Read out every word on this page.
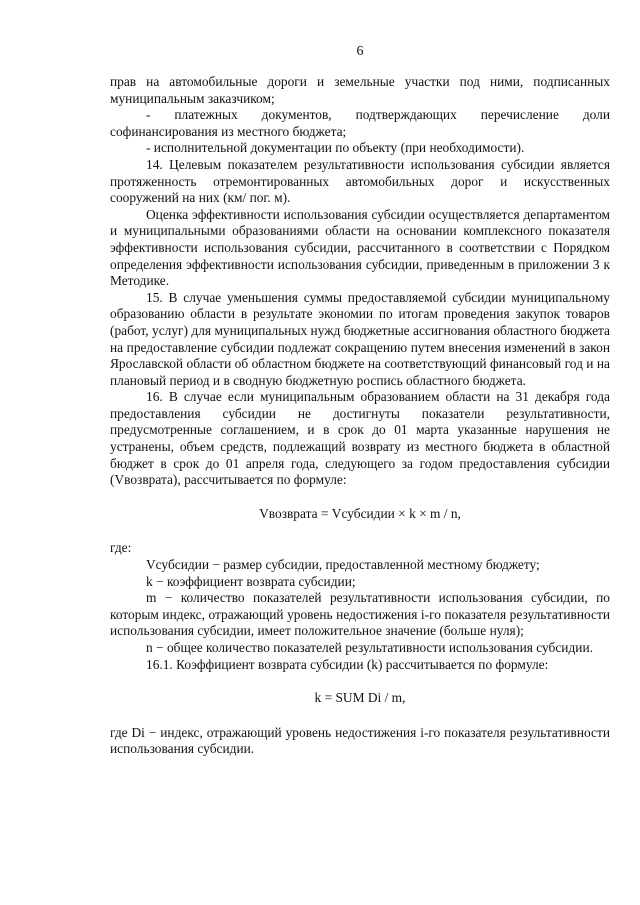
6

прав на автомобильные дороги и земельные участки под ними, подписанных муниципальным заказчиком;

- платежных документов, подтверждающих перечисление доли софинансирования из местного бюджета;

- исполнительной документации по объекту (при необходимости).

14. Целевым показателем результативности использования субсидии является протяженность отремонтированных автомобильных дорог и искусственных сооружений на них (км/ пог. м).

Оценка эффективности использования субсидии осуществляется департаментом и муниципальными образованиями области на основании комплексного показателя эффективности использования субсидии, рассчитанного в соответствии с Порядком определения эффективности использования субсидии, приведенным в приложении 3 к Методике.

15. В случае уменьшения суммы предоставляемой субсидии муниципальному образованию области в результате экономии по итогам проведения закупок товаров (работ, услуг) для муниципальных нужд бюджетные ассигнования областного бюджета на предоставление субсидии подлежат сокращению путем внесения изменений в закон Ярославской области об областном бюджете на соответствующий финансовый год и на плановый период и в сводную бюджетную роспись областного бюджета.

16. В случае если муниципальным образованием области на 31 декабря года предоставления субсидии не достигнуты показатели результативности, предусмотренные соглашением, и в срок до 01 марта указанные нарушения не устранены, объем средств, подлежащий возврату из местного бюджета в областной бюджет в срок до 01 апреля года, следующего за годом предоставления субсидии (Vвозврата), рассчитывается по формуле:

Vвозврата = Vсубсидии × k × m / n,

где:

Vсубсидии − размер субсидии, предоставленной местному бюджету;

k − коэффициент возврата субсидии;

m − количество показателей результативности использования субсидии, по которым индекс, отражающий уровень недостижения i-го показателя результативности использования субсидии, имеет положительное значение (больше нуля);

n − общее количество показателей результативности использования субсидии.

16.1. Коэффициент возврата субсидии (k) рассчитывается по формуле:

k = SUM Di / m,

где Di − индекс, отражающий уровень недостижения i-го показателя результативности использования субсидии.
